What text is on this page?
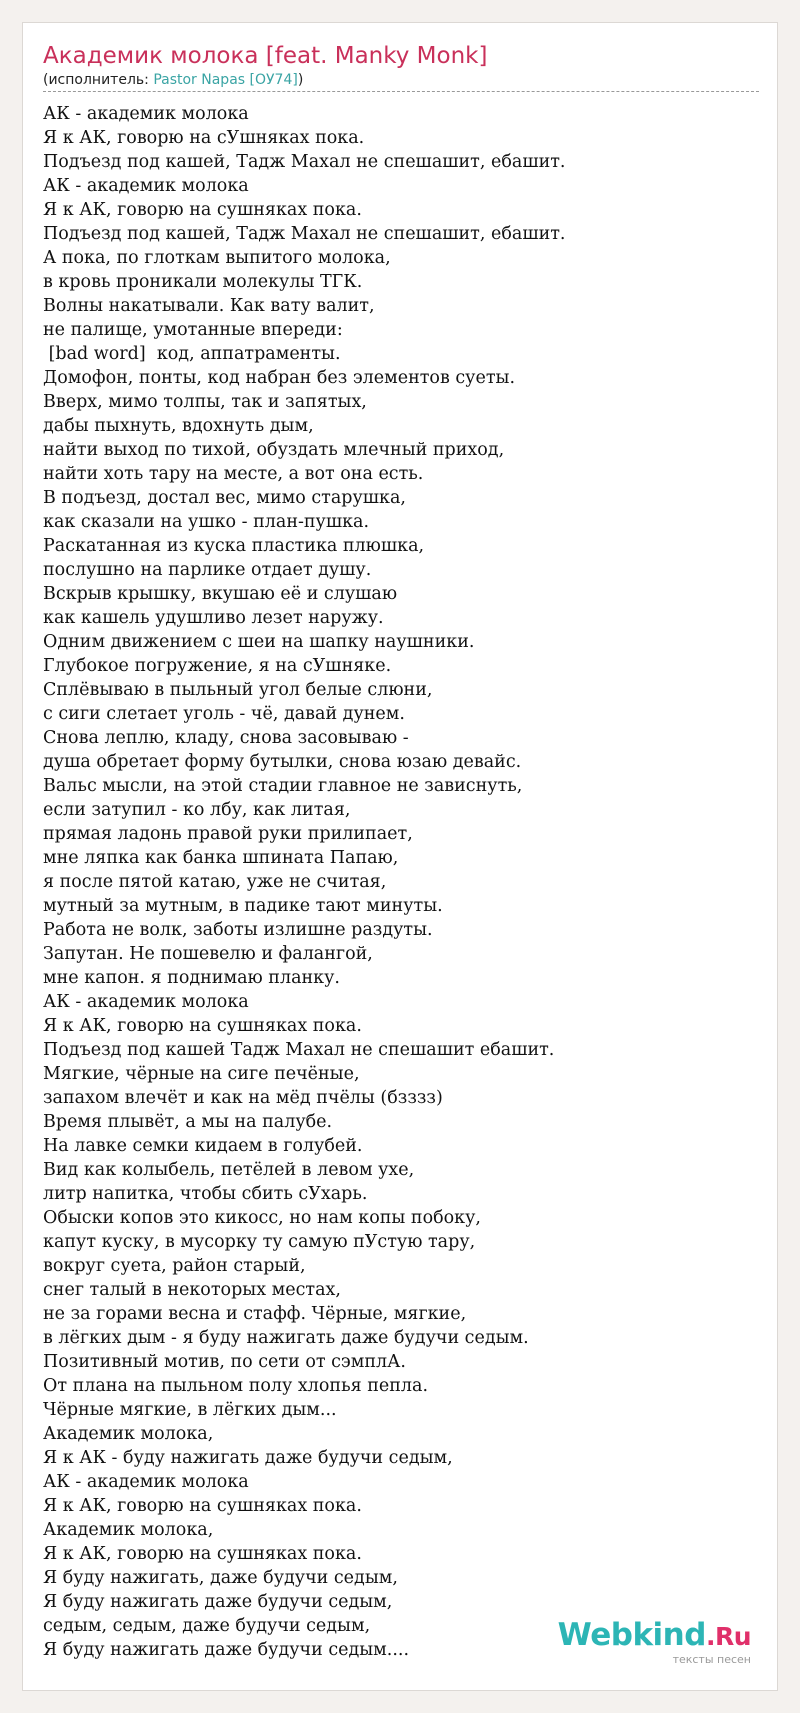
Академик молока [feat. Manky Monk]
(исполнитель: Pastor Napas [ОУ74])
АК - академик молока
Я к АК, говорю на сУшняках пока.
Подъезд под кашей, Тадж Махал не спешашит, ебашит.
АК - академик молока
Я к АК, говорю на сушняках пока.
Подъезд под кашей, Тадж Махал не спешашит, ебашит.
А пока, по глоткам выпитого молока,
в кровь проникали молекулы ТГК.
Волны накатывали. Как вату валит,
не палище, умотанные впереди:
[bad word]  код, аппатраменты.
Домофон, понты, код набран без элементов суеты.
Вверх, мимо толпы, так и запятых,
дабы пыхнуть, вдохнуть дым,
найти выход по тихой, обуздать млечный приход,
найти хоть тару на месте, а вот она есть.
В подъезд, достал вес, мимо старушка,
как сказали на ушко - план-пушка.
Раскатанная из куска пластика плюшка,
послушно на парлике отдает душу.
Вскрыв крышку, вкушаю её и слушаю
как кашель удушливо лезет наружу.
Одним движением с шеи на шапку наушники.
Глубокое погружение, я на сУшняке.
Сплёвываю в пыльный угол белые слюни,
с сиги слетает уголь - чё, давай дунем.
Снова леплю, кладу, снова засовываю -
душа обретает форму бутылки, снова юзаю девайс.
Вальс мысли, на этой стадии главное не зависнуть,
если затупил - ко лбу, как литая,
прямая ладонь правой руки прилипает,
мне ляпка как банка шпината Папаю,
я после пятой катаю, уже не считая,
мутный за мутным, в падике тают минуты.
Работа не волк, заботы излишне раздуты.
Запутан. Не пошевелю и фалангой,
мне капон. я поднимаю планку.
АК - академик молока
Я к АК, говорю на сушняках пока.
Подъезд под кашей Тадж Махал не спешашит ебашит.
Мягкие, чёрные на сиге печёные,
запахом влечёт и как на мёд пчёлы (бзззз)
Время плывёт, а мы на палубе.
На лавке семки кидаем в голубей.
Вид как колыбель, петёлей в левом ухе,
литр напитка, чтобы сбить сУхарь.
Обыски копов это кикосс, но нам копы побоку,
капут куску, в мусорку ту самую пУстую тару,
вокруг суета, район старый,
снег талый в некоторых местах,
не за горами весна и стафф. Чёрные, мягкие,
в лёгких дым - я буду нажигать даже будучи седым.
Позитивный мотив, по сети от сэмплА.
От плана на пыльном полу хлопья пепла.
Чёрные мягкие, в лёгких дым...
Академик молока,
Я к АК - буду нажигать даже будучи седым,
АК - академик молока
Я к АК, говорю на сушняках пока.
Академик молока,
Я к АК, говорю на сушняках пока.
Я буду нажигать, даже будучи седым,
Я буду нажигать даже будучи седым,
седым, седым, даже будучи седым,
Я буду нажигать даже будучи седым....	Webkind.Ru
тексты песен
